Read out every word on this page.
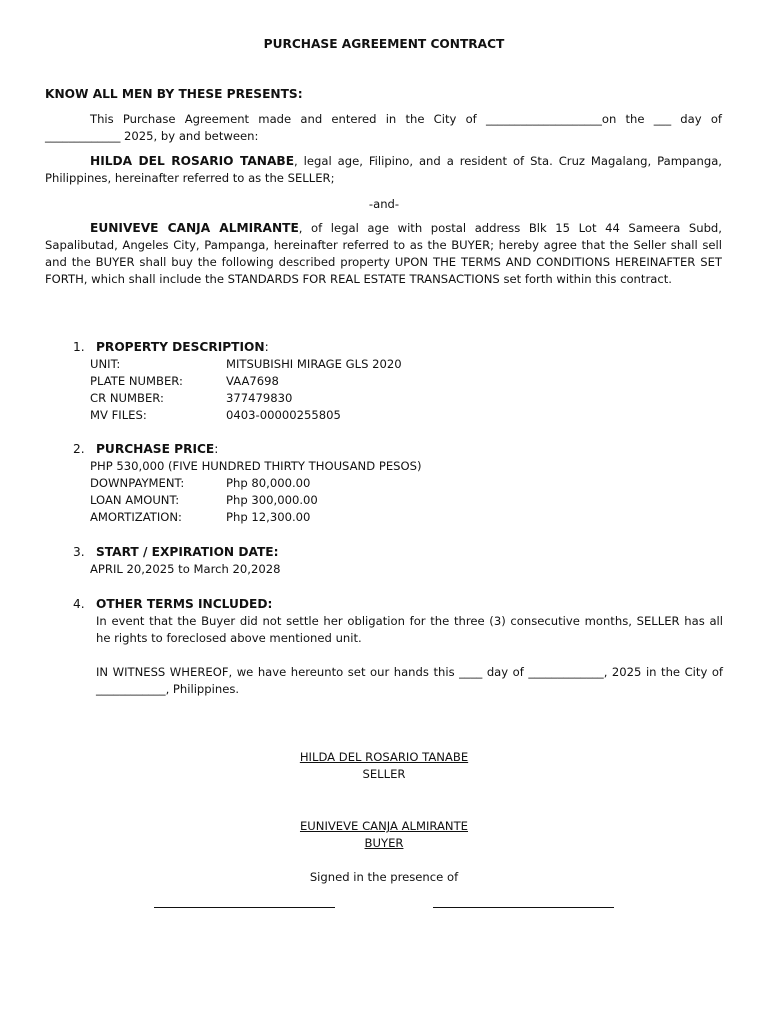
PURCHASE AGREEMENT CONTRACT
KNOW ALL MEN BY THESE PRESENTS:
This Purchase Agreement made and entered in the City of ____________________on the ___ day of _____________ 2025, by and between:
HILDA DEL ROSARIO TANABE, legal age, Filipino, and a resident of Sta. Cruz Magalang, Pampanga, Philippines, hereinafter referred to as the SELLER;
-and-
EUNIVEVE CANJA ALMIRANTE, of legal age with postal address Blk 15 Lot 44 Sameera Subd, Sapalibutad, Angeles City, Pampanga, hereinafter referred to as the BUYER; hereby agree that the Seller shall sell and the BUYER shall buy the following described property UPON THE TERMS AND CONDITIONS HEREINAFTER SET FORTH, which shall include the STANDARDS FOR REAL ESTATE TRANSACTIONS set forth within this contract.
1. PROPERTY DESCRIPTION:
UNIT:	MITSUBISHI MIRAGE GLS 2020
PLATE NUMBER:	VAA7698
CR NUMBER:	377479830
MV FILES:	0403-00000255805
2. PURCHASE PRICE:
PHP 530,000 (FIVE HUNDRED THIRTY THOUSAND PESOS)
DOWNPAYMENT:	Php 80,000.00
LOAN AMOUNT:	Php 300,000.00
AMORTIZATION:	Php 12,300.00
3. START / EXPIRATION DATE:
APRIL 20,2025 to March 20,2028
4. OTHER TERMS INCLUDED:
In event that the Buyer did not settle her obligation for the three (3) consecutive months, SELLER has all he rights to foreclosed above mentioned unit.
IN WITNESS WHEREOF, we have hereunto set our hands this ____ day of _____________, 2025 in the City of ____________, Philippines.
HILDA DEL ROSARIO TANABE
SELLER
EUNIVEVE CANJA ALMIRANTE
BUYER
Signed in the presence of
